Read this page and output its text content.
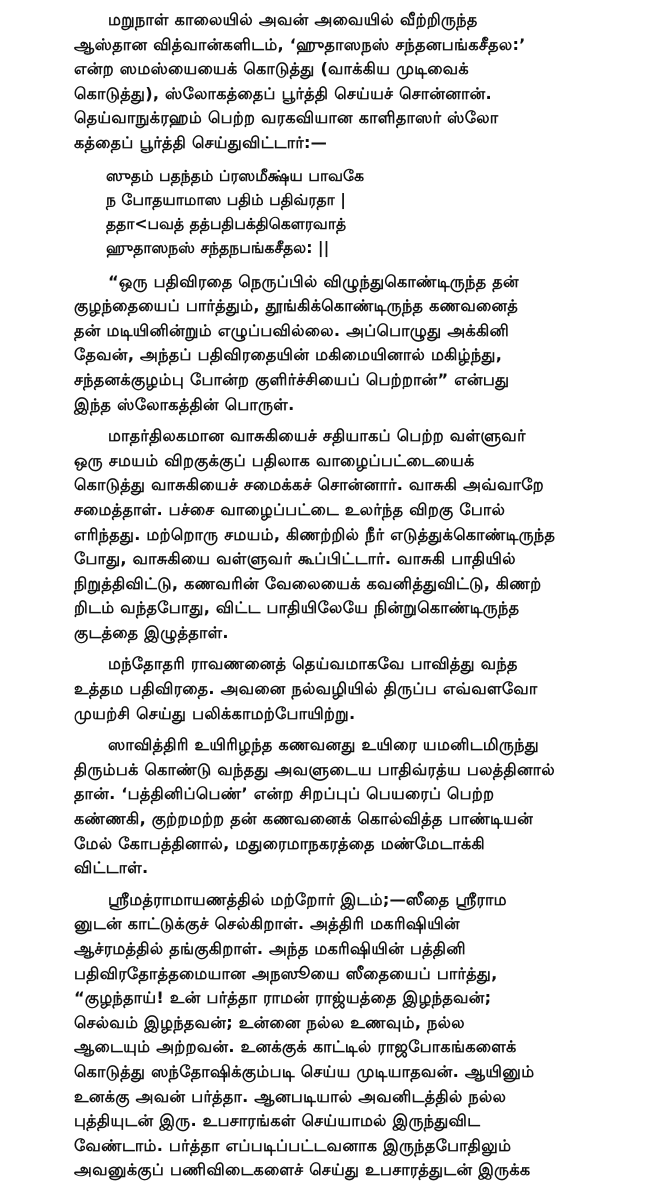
மறுநாள் காலையில் அவன் அவையில் வீற்றிருந்த
ஆஸ்தான வித்வான்களிடம், ‘ஹுதாஸநஸ் சந்தனபங்கசீதல:’
என்ற ஸமஸ்யையைக் கொடுத்து (வாக்கிய முடிவைக்
கொடுத்து), ஸ்லோகத்தைப் பூர்த்தி செய்யச் சொன்னான்.
தெய்வாநுக்ரஹம் பெற்ற வரகவியான காளிதாஸர் ஸ்லோ
கத்தைப் பூர்த்தி செய்துவிட்டார்:—

ஸுதம் பதந்தம் ப்ரஸமீக்ஷ்ய பாவகே
ந போதயாமாஸ பதிம் பதிவ்ரதா |
ததா<பவத் தத்பதிபக்திகௌரவாத்
ஹுதாஸநஸ் சந்தநபங்கசீதல: ||

“ஒரு பதிவிரதை நெருப்பில் விழுந்துகொண்டிருந்த தன்
குழந்தையைப் பார்த்தும், தூங்கிக்கொண்டிருந்த கணவனைத்
தன் மடியினின்றும் எழுப்பவில்லை. அப்பொழுது அக்கினி
தேவன், அந்தப் பதிவிரதையின் மகிமையினால் மகிழ்ந்து,
சந்தனக்குழம்பு போன்ற குளிர்ச்சியைப் பெற்றான்” என்பது
இந்த ஸ்லோகத்தின் பொருள்.

மாதர்திலகமான வாசுகியைச் சதியாகப் பெற்ற வள்ளுவர்
ஒரு சமயம் விறகுக்குப் பதிலாக வாழைப்பட்டையைக்
கொடுத்து வாசுகியைச் சமைக்கச் சொன்னார். வாசுகி அவ்வாறே
சமைத்தாள். பச்சை வாழைப்பட்டை உலர்ந்த விறகு போல்
எரிந்தது. மற்றொரு சமயம், கிணற்றில் நீர் எடுத்துக்கொண்டிருந்த
போது, வாசுகியை வள்ளுவர் கூப்பிட்டார். வாசுகி பாதியில்
நிறுத்திவிட்டு, கணவரின் வேலையைக் கவனித்துவிட்டு, கிணற்
றிடம் வந்தபோது, விட்ட பாதியிலேயே நின்றுகொண்டிருந்த
குடத்தை இழுத்தாள்.

மந்தோதரி ராவணனைத் தெய்வமாகவே பாவித்து வந்த
உத்தம பதிவிரதை. அவனை நல்வழியில் திருப்ப எவ்வளவோ
முயற்சி செய்து பலிக்காமற்போயிற்று.

ஸாவித்திரி உயிரிழந்த கணவனது உயிரை யமனிடமிருந்து
திரும்பக் கொண்டு வந்தது அவளுடைய பாதிவ்ரத்ய பலத்தினால்
தான். ‘பத்தினிப்பெண்’ என்ற சிறப்புப் பெயரைப் பெற்ற
கண்ணகி, குற்றமற்ற தன் கணவனைக் கொல்வித்த பாண்டியன்
மேல் கோபத்தினால், மதுரைமாநகரத்தை மண்மேடாக்கி
விட்டாள்.

ஸ்ரீமத்ராமாயணத்தில் மற்றோர் இடம்;—ஸீதை ஸ்ரீராம
னுடன் காட்டுக்குச் செல்கிறாள். அத்திரி மகரிஷியின்
ஆச்ரமத்தில் தங்குகிறாள். அந்த மகரிஷியின் பத்தினி
பதிவிரதோத்தமையான அநஸூயை ஸீதையைப் பார்த்து,
“குழந்தாய்! உன் பர்த்தா ராமன் ராஜ்யத்தை இழந்தவன்;
செல்வம் இழந்தவன்; உன்னை நல்ல உணவும், நல்ல
ஆடையும் அற்றவன். உனக்குக் காட்டில் ராஜபோகங்களைக்
கொடுத்து ஸந்தோஷிக்கும்படி செய்ய முடியாதவன். ஆயினும்
உனக்கு அவன் பர்த்தா. ஆனபடியால் அவனிடத்தில் நல்ல
புத்தியுடன் இரு. உபசாரங்கள் செய்யாமல் இருந்துவிட
வேண்டாம். பர்த்தா எப்படிப்பட்டவனாக இருந்தபோதிலும்
அவனுக்குப் பணிவிடைகளைச் செய்து உபசாரத்துடன் இருக்க
